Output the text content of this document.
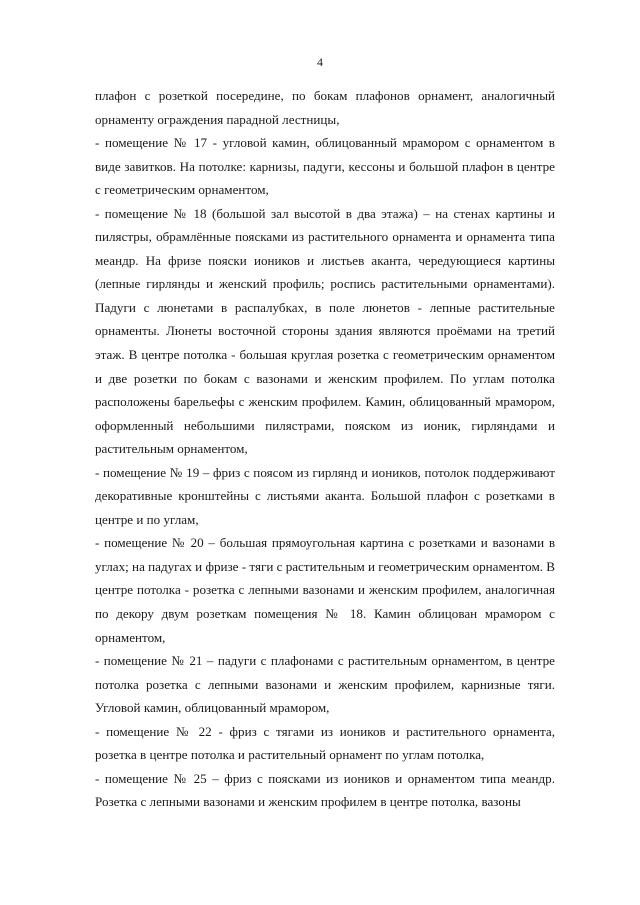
4

плафон с розеткой посередине, по бокам плафонов орнамент, аналогичный орнаменту ограждения парадной лестницы,

- помещение № 17 - угловой камин, облицованный мрамором с орнаментом в виде завитков. На потолке: карнизы, падуги, кессоны и большой плафон в центре с геометрическим орнаментом,

- помещение № 18 (большой зал высотой в два этажа) – на стенах картины и пилястры, обрамлённые поясками из растительного орнамента и орнамента типа меандр. На фризе пояски иоников и листьев аканта, чередующиеся картины (лепные гирлянды и женский профиль; роспись растительными орнаментами). Падуги с люнетами в распалубках, в поле люнетов - лепные растительные орнаменты. Люнеты восточной стороны здания являются проёмами на третий этаж. В центре потолка - большая круглая розетка с геометрическим орнаментом и две розетки по бокам с вазонами и женским профилем. По углам потолка расположены барельефы с женским профилем. Камин, облицованный мрамором, оформленный небольшими пилястрами, пояском из ионик, гирляндами и растительным орнаментом,

- помещение № 19 – фриз с поясом из гирлянд и иоников, потолок поддерживают декоративные кронштейны с листьями аканта. Большой плафон с розетками в центре и по углам,

- помещение № 20 – большая прямоугольная картина с розетками и вазонами в углах; на падугах и фризе - тяги с растительным и геометрическим орнаментом. В центре потолка - розетка с лепными вазонами и женским профилем, аналогичная по декору двум розеткам помещения № 18. Камин облицован мрамором с орнаментом,

- помещение № 21 – падуги с плафонами с растительным орнаментом, в центре потолка розетка с лепными вазонами и женским профилем, карнизные тяги. Угловой камин, облицованный мрамором,

- помещение № 22 - фриз с тягами из иоников и растительного орнамента, розетка в центре потолка и растительный орнамент по углам потолка,

- помещение № 25 – фриз с поясками из иоников и орнаментом типа меандр. Розетка с лепными вазонами и женским профилем в центре потолка, вазоны
